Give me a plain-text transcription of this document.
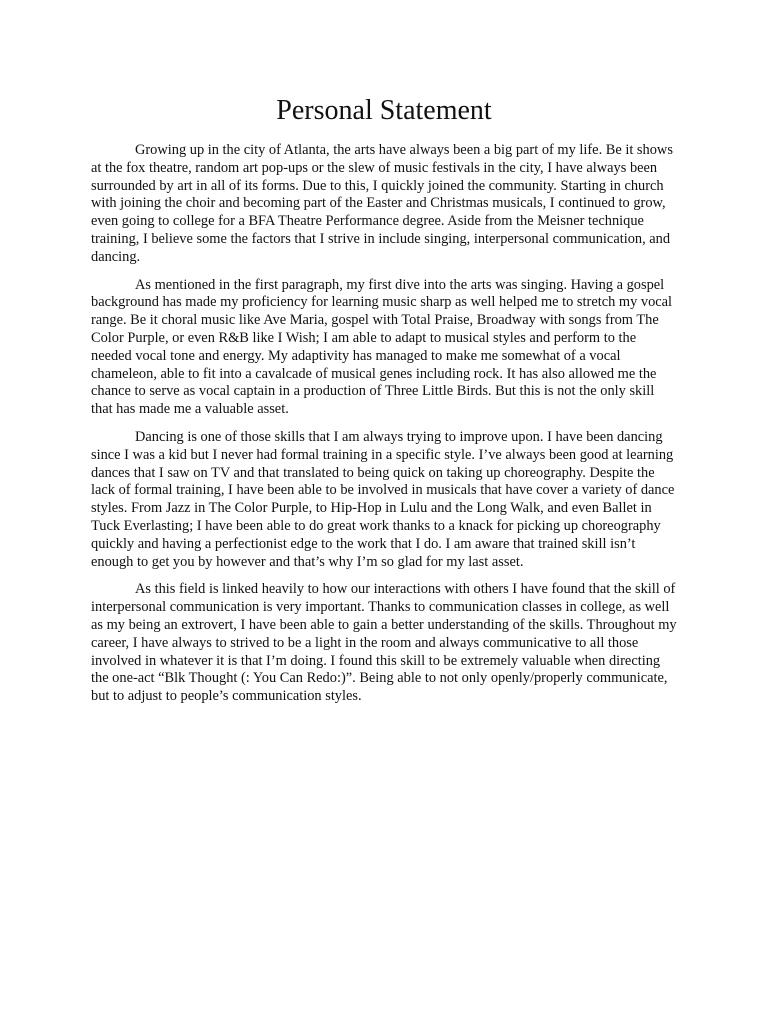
Personal Statement

Growing up in the city of Atlanta, the arts have always been a big part of my life. Be it shows at the fox theatre, random art pop-ups or the slew of music festivals in the city, I have always been surrounded by art in all of its forms. Due to this, I quickly joined the community. Starting in church with joining the choir and becoming part of the Easter and Christmas musicals, I continued to grow, even going to college for a BFA Theatre Performance degree. Aside from the Meisner technique training, I believe some the factors that I strive in include singing, interpersonal communication, and dancing.

As mentioned in the first paragraph, my first dive into the arts was singing. Having a gospel background has made my proficiency for learning music sharp as well helped me to stretch my vocal range. Be it choral music like Ave Maria, gospel with Total Praise, Broadway with songs from The Color Purple, or even R&B like I Wish; I am able to adapt to musical styles and perform to the needed vocal tone and energy. My adaptivity has managed to make me somewhat of a vocal chameleon, able to fit into a cavalcade of musical genes including rock. It has also allowed me the chance to serve as vocal captain in a production of Three Little Birds. But this is not the only skill that has made me a valuable asset.

Dancing is one of those skills that I am always trying to improve upon. I have been dancing since I was a kid but I never had formal training in a specific style. I’ve always been good at learning dances that I saw on TV and that translated to being quick on taking up choreography. Despite the lack of formal training, I have been able to be involved in musicals that have cover a variety of dance styles. From Jazz in The Color Purple, to Hip-Hop in Lulu and the Long Walk, and even Ballet in Tuck Everlasting; I have been able to do great work thanks to a knack for picking up choreography quickly and having a perfectionist edge to the work that I do. I am aware that trained skill isn’t enough to get you by however and that’s why I’m so glad for my last asset.

As this field is linked heavily to how our interactions with others I have found that the skill of interpersonal communication is very important. Thanks to communication classes in college, as well as my being an extrovert, I have been able to gain a better understanding of the skills. Throughout my career, I have always to strived to be a light in the room and always communicative to all those involved in whatever it is that I’m doing. I found this skill to be extremely valuable when directing the one-act “Blk Thought (: You Can Redo:)”. Being able to not only openly/properly communicate, but to adjust to people’s communication styles.
